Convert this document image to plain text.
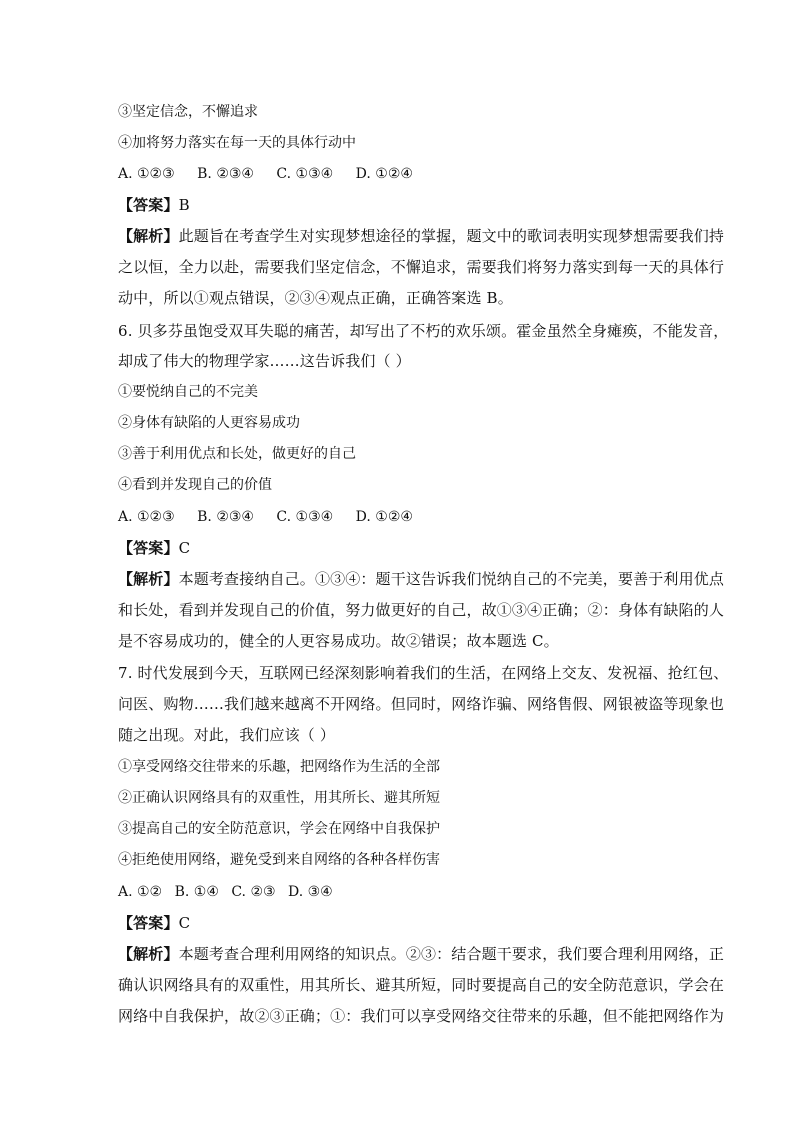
③坚定信念，不懈追求
④加将努力落实在每一天的具体行动中
A. ①②③ B. ②③④ C. ①③④ D. ①②④
【答案】B
【解析】此题旨在考查学生对实现梦想途径的掌握，题文中的歌词表明实现梦想需要我们持
之以恒，全力以赴，需要我们坚定信念，不懈追求，需要我们将努力落实到每一天的具体行
动中，所以①观点错误，②③④观点正确，正确答案选 B。
6. 贝多芬虽饱受双耳失聪的痛苦，却写出了不朽的欢乐颂。霍金虽然全身瘫痪，不能发音，
却成了伟大的物理学家……这告诉我们（ ）
①要悦纳自己的不完美
②身体有缺陷的人更容易成功
③善于利用优点和长处，做更好的自己
④看到并发现自己的价值
A. ①②③ B. ②③④ C. ①③④ D. ①②④
【答案】C
【解析】本题考查接纳自己。①③④：题干这告诉我们悦纳自己的不完美，要善于利用优点
和长处，看到并发现自己的价值，努力做更好的自己，故①③④正确；②：身体有缺陷的人
是不容易成功的，健全的人更容易成功。故②错误；故本题选 C。
7. 时代发展到今天，互联网已经深刻影响着我们的生活，在网络上交友、发祝福、抢红包、
问医、购物……我们越来越离不开网络。但同时，网络诈骗、网络售假、网银被盗等现象也
随之出现。对此，我们应该（ ）
①享受网络交往带来的乐趣，把网络作为生活的全部
②正确认识网络具有的双重性，用其所长、避其所短
③提高自己的安全防范意识，学会在网络中自我保护
④拒绝使用网络，避免受到来自网络的各种各样伤害
A. ①② B. ①④ C. ②③ D. ③④
【答案】C
【解析】本题考查合理利用网络的知识点。②③：结合题干要求，我们要合理利用网络，正
确认识网络具有的双重性，用其所长、避其所短，同时要提高自己的安全防范意识，学会在
网络中自我保护，故②③正确；①：我们可以享受网络交往带来的乐趣，但不能把网络作为
